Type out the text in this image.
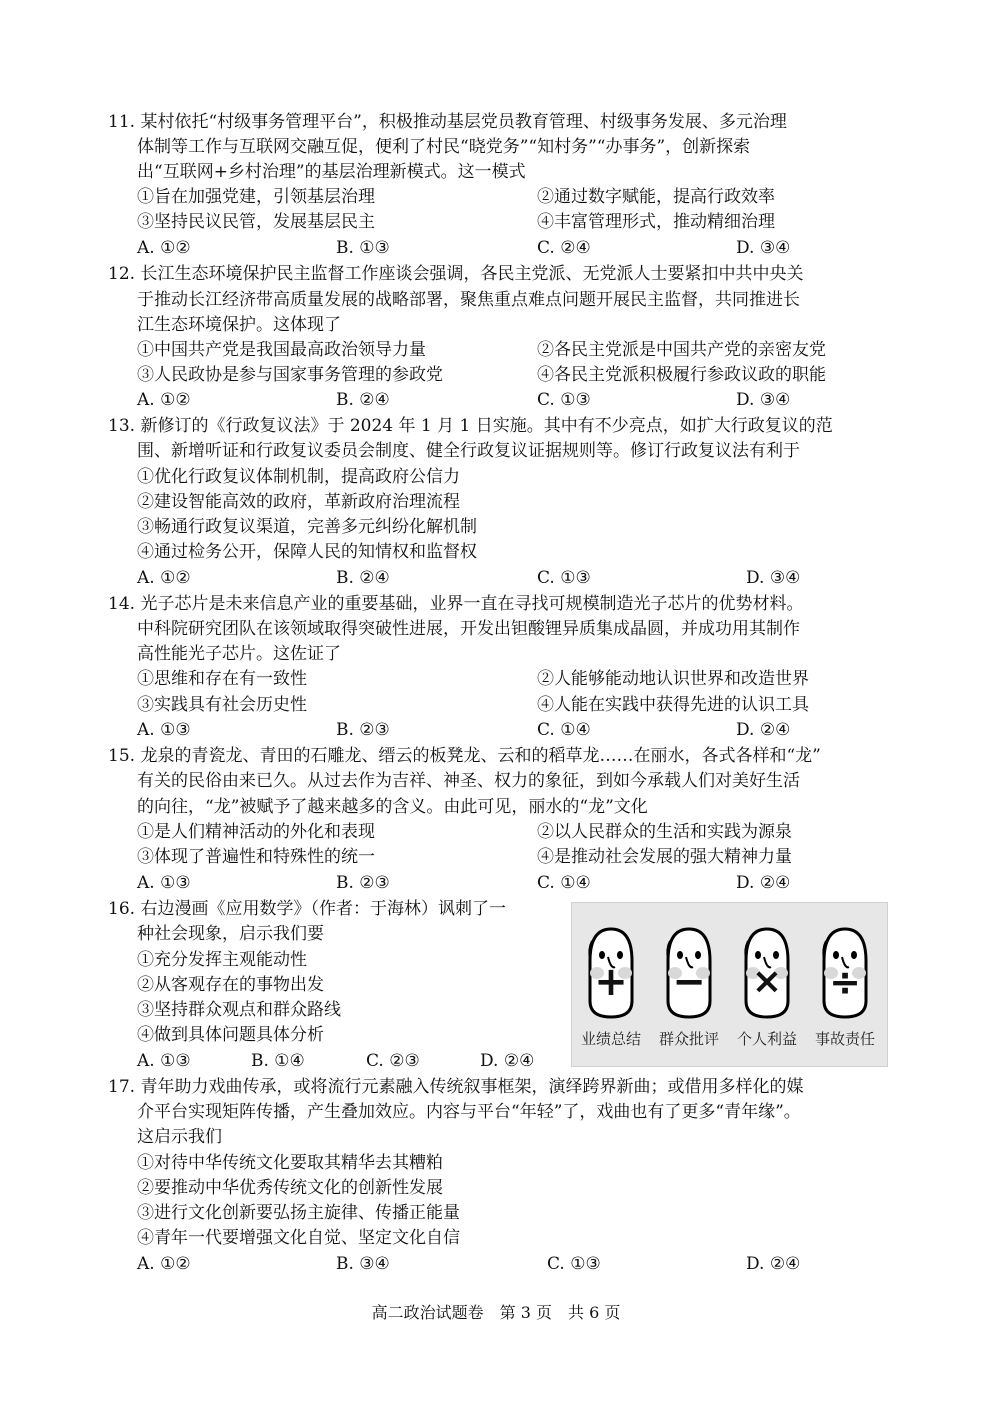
11. 某村依托“村级事务管理平台”，积极推动基层党员教育管理、村级事务发展、多元治理
体制等工作与互联网交融互促，便利了村民“晓党务”“知村务”“办事务”，创新探索
出“互联网+乡村治理”的基层治理新模式。这一模式
①旨在加强党建，引领基层治理	②通过数字赋能，提高行政效率
③坚持民议民管，发展基层民主	④丰富管理形式，推动精细治理
A. ①②	B. ①③	C. ②④	D. ③④
12. 长江生态环境保护民主监督工作座谈会强调，各民主党派、无党派人士要紧扣中共中央关
于推动长江经济带高质量发展的战略部署，聚焦重点难点问题开展民主监督，共同推进长
江生态环境保护。这体现了
①中国共产党是我国最高政治领导力量	②各民主党派是中国共产党的亲密友党
③人民政协是参与国家事务管理的参政党	④各民主党派积极履行参政议政的职能
A. ①②	B. ②④	C. ①③	D. ③④
13. 新修订的《行政复议法》于 2024 年 1 月 1 日实施。其中有不少亮点，如扩大行政复议的范
围、新增听证和行政复议委员会制度、健全行政复议证据规则等。修订行政复议法有利于
①优化行政复议体制机制，提高政府公信力
②建设智能高效的政府，革新政府治理流程
③畅通行政复议渠道，完善多元纠纷化解机制
④通过检务公开，保障人民的知情权和监督权
A. ①②	B. ②④	C. ①③	D. ③④
14. 光子芯片是未来信息产业的重要基础，业界一直在寻找可规模制造光子芯片的优势材料。
中科院研究团队在该领域取得突破性进展，开发出钽酸锂异质集成晶圆，并成功用其制作
高性能光子芯片。这佐证了
①思维和存在有一致性	②人能够能动地认识世界和改造世界
③实践具有社会历史性	④人能在实践中获得先进的认识工具
A. ①③	B. ②③	C. ①④	D. ②④
15. 龙泉的青瓷龙、青田的石雕龙、缙云的板凳龙、云和的稻草龙……在丽水，各式各样和“龙”
有关的民俗由来已久。从过去作为吉祥、神圣、权力的象征，到如今承载人们对美好生活
的向往，“龙”被赋予了越来越多的含义。由此可见，丽水的“龙”文化
①是人们精神活动的外化和表现	②以人民群众的生活和实践为源泉
③体现了普遍性和特殊性的统一	④是推动社会发展的强大精神力量
A. ①③	B. ②③	C. ①④	D. ②④
16. 右边漫画《应用数学》（作者：于海林）讽刺了一
种社会现象，启示我们要
①充分发挥主观能动性
②从客观存在的事物出发
③坚持群众观点和群众路线
④做到具体问题具体分析
A. ①③	B. ①④	C. ②③	D. ②④
+
业绩总结
−
群众批评
×
个人利益
÷
事故责任
17. 青年助力戏曲传承，或将流行元素融入传统叙事框架，演绎跨界新曲；或借用多样化的媒
介平台实现矩阵传播，产生叠加效应。内容与平台“年轻”了，戏曲也有了更多“青年缘”。
这启示我们
①对待中华传统文化要取其精华去其糟粕
②要推动中华优秀传统文化的创新性发展
③进行文化创新要弘扬主旋律、传播正能量
④青年一代要增强文化自觉、坚定文化自信
A. ①②	B. ③④	C. ①③	D. ②④
高二政治试题卷　第 3 页　共 6 页
